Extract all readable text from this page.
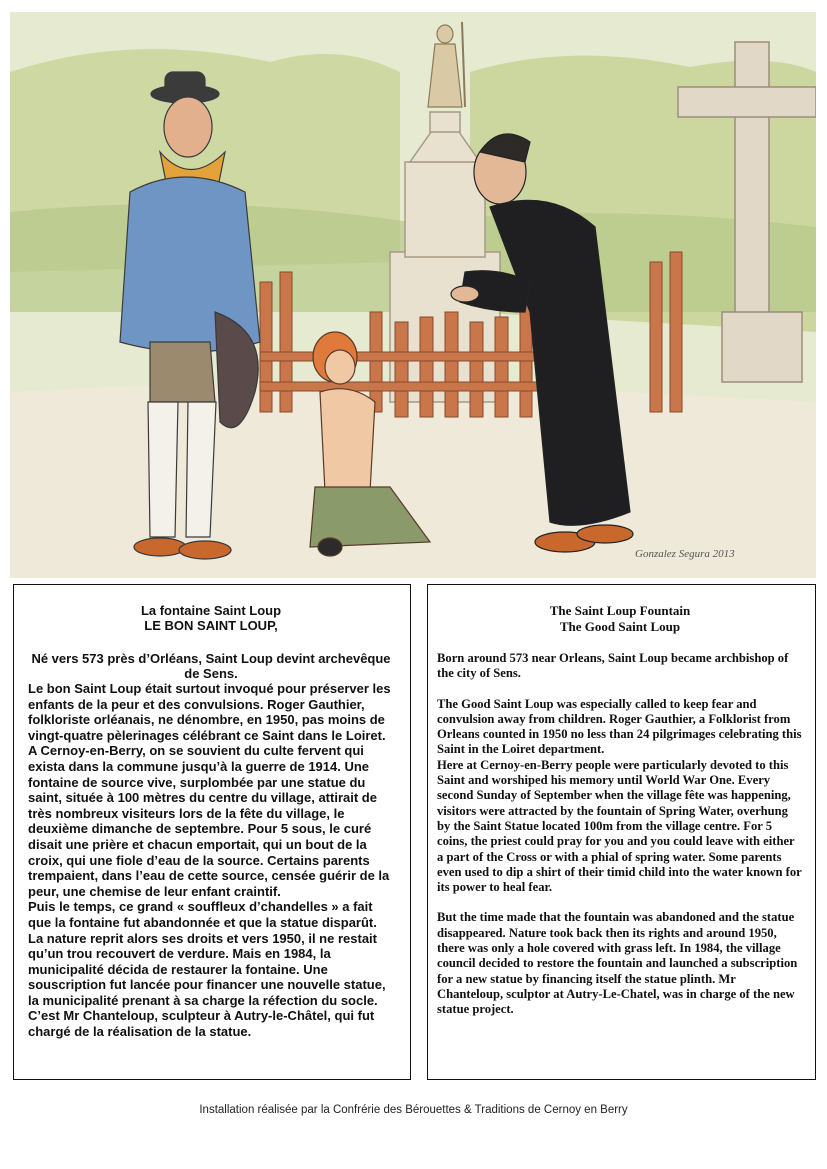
Gonzalez Segura 2013

La fontaine Saint Loup

LE BON SAINT LOUP,

Né vers 573 près d’Orléans, Saint Loup devint archevêque de Sens.

Le bon Saint Loup était surtout invoqué pour préserver les enfants de la peur et des convulsions. Roger Gauthier, folkloriste orléanais, ne dénombre, en 1950, pas moins de vingt-quatre pèlerinages célébrant ce Saint dans le Loiret.
A Cernoy-en-Berry, on se souvient du culte fervent qui exista dans la commune jusqu’à la guerre de 1914. Une fontaine de source vive, surplombée par une statue du saint, située à 100 mètres du centre du village, attirait de très nombreux visiteurs lors de la fête du village, le deuxième dimanche de septembre. Pour 5 sous, le curé disait une prière et chacun emportait, qui un bout de la croix, qui une fiole d’eau de la source. Certains parents trempaient, dans l’eau de cette source, censée guérir de la peur, une chemise de leur enfant craintif.
Puis le temps, ce grand « souffleux d’chandelles » a fait que la fontaine fut abandonnée et que la statue disparût. La nature reprit alors ses droits et vers 1950, il ne restait qu’un trou recouvert de verdure. Mais en 1984, la municipalité décida de restaurer la fontaine. Une souscription fut lancée pour financer une nouvelle statue, la municipalité prenant à sa charge la réfection du socle. C’est Mr Chanteloup, sculpteur à Autry-le-Châtel, qui fut chargé de la réalisation de la statue.

The Saint Loup Fountain

The Good Saint Loup

Born around 573 near Orleans, Saint Loup became archbishop of the city of Sens.

The Good Saint Loup was especially called to keep fear and convulsion away from children. Roger Gauthier, a Folklorist from Orleans counted in 1950 no less than 24 pilgrimages celebrating this Saint in the Loiret department.
Here at Cernoy-en-Berry people were particularly devoted to this Saint and worshiped his memory until World War One. Every second Sunday of September when the village fête was happening, visitors were attracted by the fountain of Spring Water, overhung by the Saint Statue located 100m from the village centre. For 5 coins, the priest could pray for you and you could leave with either a part of the Cross or with a phial of spring water. Some parents even used to dip a shirt of their timid child into the water known for its power to heal fear.

But the time made that the fountain was abandoned and the statue disappeared. Nature took back then its rights and around 1950, there was only a hole covered with grass left. In 1984, the village council decided to restore the fountain and launched a subscription for a new statue by financing itself the statue plinth. Mr Chanteloup, sculptor at Autry-Le-Chatel, was in charge of the new statue project.

Installation réalisée par la Confrérie des Bérouettes & Traditions de Cernoy en Berry
